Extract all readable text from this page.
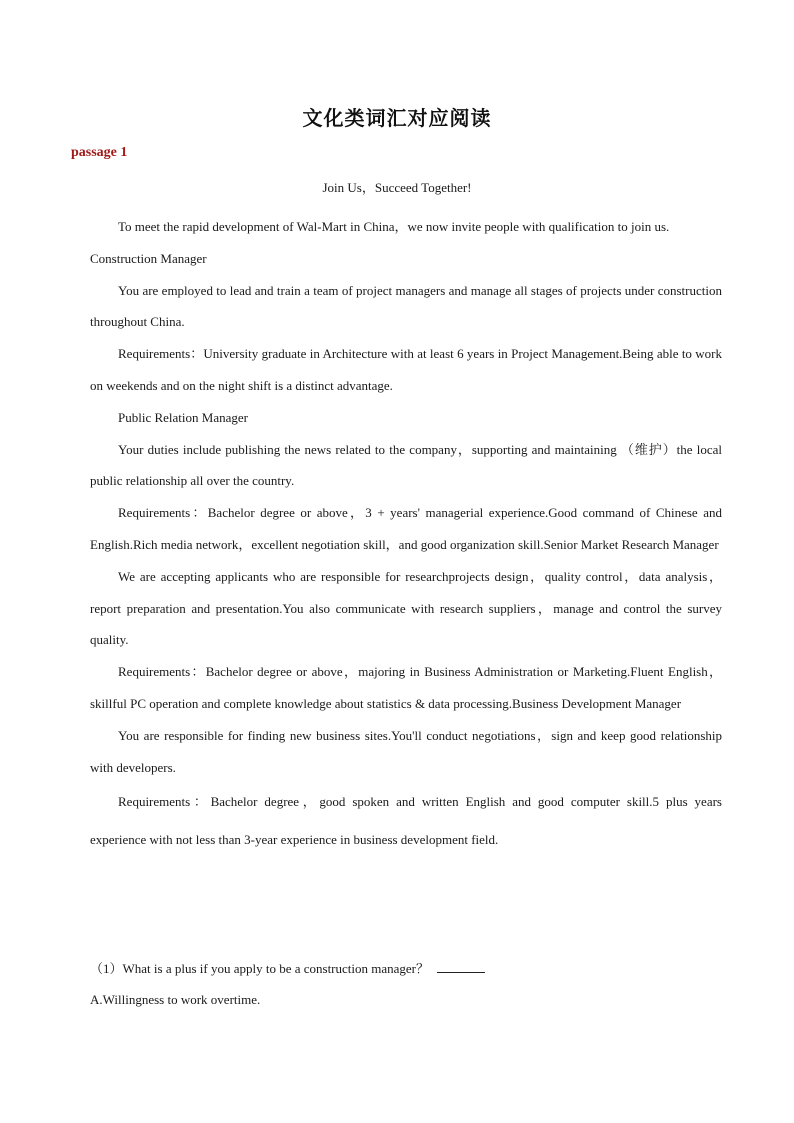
文化类词汇对应阅读
passage 1
Join Us，Succeed Together!

To meet the rapid development of Wal-Mart in China，we now invite people with qualification to join us.

Construction Manager

You are employed to lead and train a team of project managers and manage all stages of projects under construction throughout China.

Requirements：University graduate in Architecture with at least 6 years in Project Management.Being able to work on weekends and on the night shift is a distinct advantage.

Public Relation Manager

Your duties include publishing the news related to the company，supporting and maintaining （维护）the local public relationship all over the country.

Requirements：Bachelor degree or above，3 + years' managerial experience.Good command of Chinese and English.Rich media network，excellent negotiation skill，and good organization skill.Senior Market Research Manager

We are accepting applicants who are responsible for researchprojects design，quality control，data analysis，report preparation and presentation.You also communicate with research suppliers，manage and control the survey quality.

Requirements：Bachelor degree or above，majoring in Business Administration or Marketing.Fluent English，skillful PC operation and complete knowledge about statistics & data processing.Business Development Manager

You are responsible for finding new business sites.You'll conduct negotiations，sign and keep good relationship with developers.

Requirements：Bachelor degree，good spoken and written English and good computer skill.5 plus years experience with not less than 3-year experience in business development field.

（1）What is a plus if you apply to be a construction manager？
A.Willingness to work overtime.
